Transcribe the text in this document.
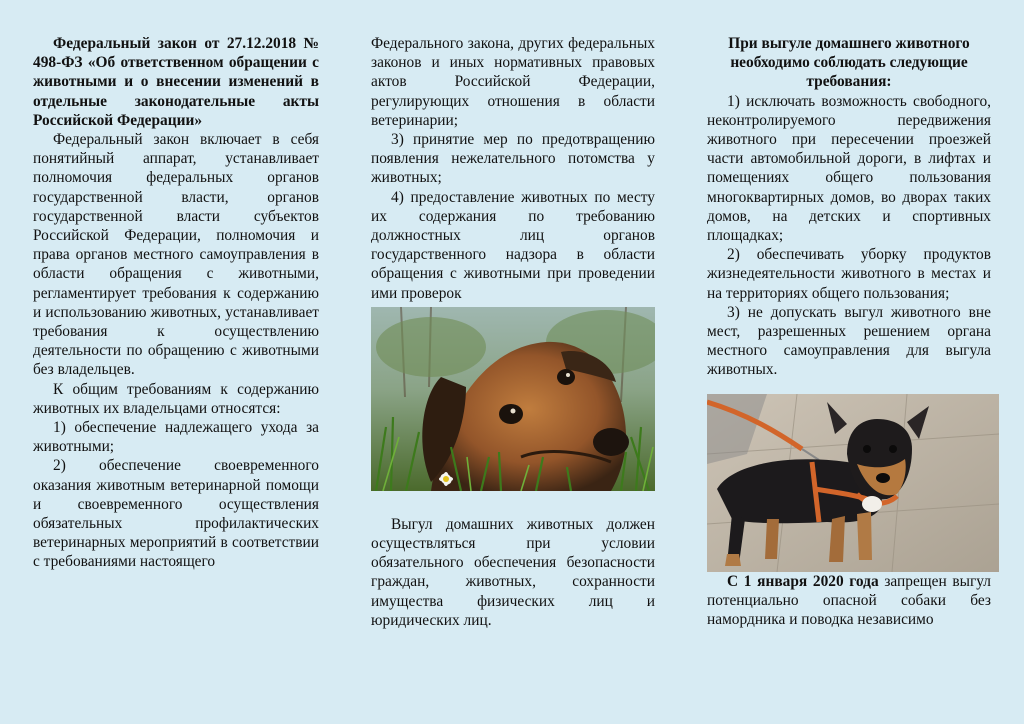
Федеральный закон от 27.12.2018 № 498-ФЗ «Об ответственном обращении с животными и о внесении изменений в отдельные законодательные акты Российской Федерации»

Федеральный закон включает в себя понятийный аппарат, устанавливает полномочия федеральных органов государственной власти, органов государственной власти субъектов Российской Федерации, полномочия и права органов местного самоуправления в области обращения с животными, регламентирует требования к содержанию и использованию животных, устанавливает требования к осуществлению деятельности по обращению с животными без владельцев.

К общим требованиям к содержанию животных их владельцами относятся:

1) обеспечение надлежащего ухода за животными;

2) обеспечение своевременного оказания животным ветеринарной помощи и своевременного осуществления обязательных профилактических ветеринарных мероприятий в соответствии с требованиями настоящего

Федерального закона, других федеральных законов и иных нормативных правовых актов Российской Федерации, регулирующих отношения в области ветеринарии;

3) принятие мер по предотвращению появления нежелательного потомства у животных;

4) предоставление животных по месту их содержания по требованию должностных лиц органов государственного надзора в области обращения с животными при проведении ими проверок

Выгул домашних животных должен осуществляться при условии обязательного обеспечения безопасности граждан, животных, сохранности имущества физических лиц и юридических лиц.

При выгуле домашнего животного необходимо соблюдать следующие требования:

1) исключать возможность свободного, неконтролируемого передвижения животного при пересечении проезжей части автомобильной дороги, в лифтах и помещениях общего пользования многоквартирных домов, во дворах таких домов, на детских и спортивных площадках;

2) обеспечивать уборку продуктов жизнедеятельности животного в местах и на территориях общего пользования;

3) не допускать выгул животного вне мест, разрешенных решением органа местного самоуправления для выгула животных.

С 1 января 2020 года запрещен выгул потенциально опасной собаки без намордника и поводка независимо
